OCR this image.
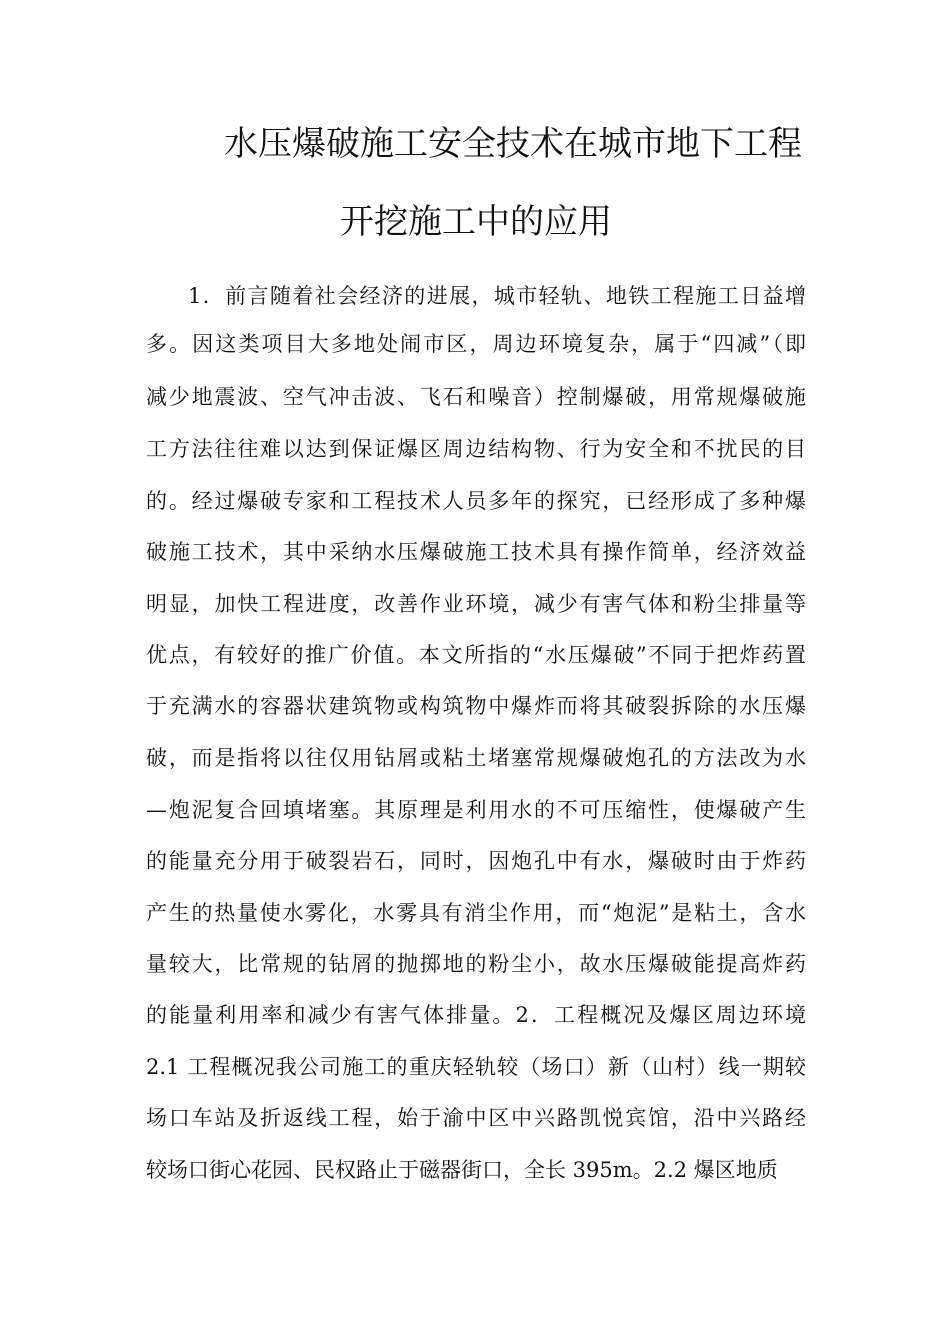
水压爆破施工安全技术在城市地下工程
开挖施工中的应用
1．前言随着社会经济的进展，城市轻轨、地铁工程施工日益增
多。因这类项目大多地处闹市区，周边环境复杂，属于“四减”（即
减少地震波、空气冲击波、飞石和噪音）控制爆破，用常规爆破施
工方法往往难以达到保证爆区周边结构物、行为安全和不扰民的目
的。经过爆破专家和工程技术人员多年的探究，已经形成了多种爆
破施工技术，其中采纳水压爆破施工技术具有操作简单，经济效益
明显，加快工程进度，改善作业环境，减少有害气体和粉尘排量等
优点，有较好的推广价值。本文所指的“水压爆破”不同于把炸药置
于充满水的容器状建筑物或构筑物中爆炸而将其破裂拆除的水压爆
破，而是指将以往仅用钻屑或粘土堵塞常规爆破炮孔的方法改为水
—炮泥复合回填堵塞。其原理是利用水的不可压缩性，使爆破产生
的能量充分用于破裂岩石，同时，因炮孔中有水，爆破时由于炸药
产生的热量使水雾化，水雾具有消尘作用，而“炮泥”是粘土，含水
量较大，比常规的钻屑的抛掷地的粉尘小，故水压爆破能提高炸药
的能量利用率和减少有害气体排量。2．工程概况及爆区周边环境
2.1 工程概况我公司施工的重庆轻轨较（场口）新（山村）线一期较
场口车站及折返线工程，始于渝中区中兴路凯悦宾馆，沿中兴路经
较场口街心花园、民权路止于磁器街口，全长 395m。2.2 爆区地质
